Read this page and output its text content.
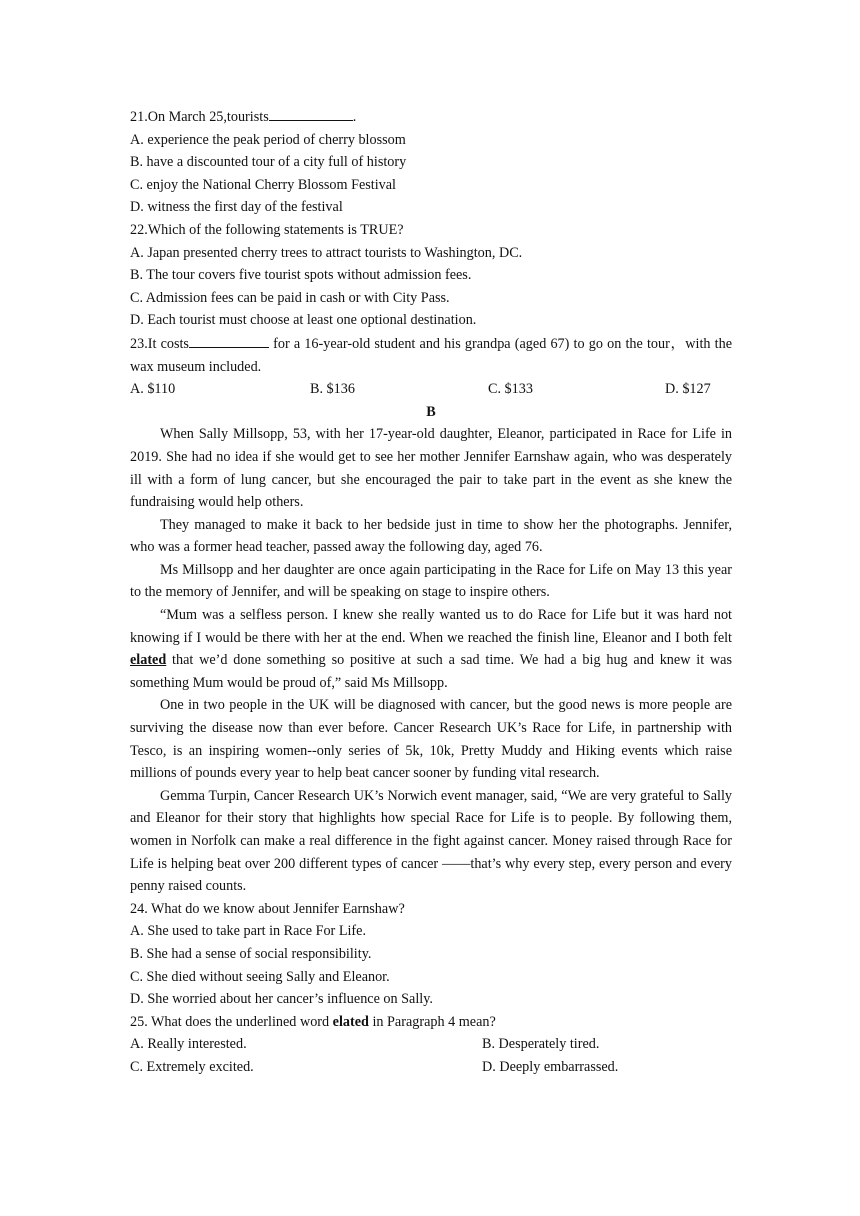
21.On March 25,tourists	.
A. experience the peak period of cherry blossom
B. have a discounted tour of a city full of history
C. enjoy the National Cherry Blossom Festival
D. witness the first day of the festival
22.Which of the following statements is TRUE?
A. Japan presented cherry trees to attract tourists to Washington, DC.
B. The tour covers five tourist spots without admission fees.
C. Admission fees can be paid in cash or with City Pass.
D. Each tourist must choose at least one optional destination.
23.It costs	for a 16-year-old student and his grandpa (aged 67) to go on the tour，with the wax museum included.
A. $110	B. $136	C. $133	D. $127
B

When Sally Millsopp, 53, with her 17-year-old daughter, Eleanor, participated in Race for Life in 2019. She had no idea if she would get to see her mother Jennifer Earnshaw again, who was desperately ill with a form of lung cancer, but she encouraged the pair to take part in the event as she knew the fundraising would help others.

They managed to make it back to her bedside just in time to show her the photographs. Jennifer, who was a former head teacher, passed away the following day, aged 76.

Ms Millsopp and her daughter are once again participating in the Race for Life on May 13 this year to the memory of Jennifer, and will be speaking on stage to inspire others.

“Mum was a selfless person. I knew she really wanted us to do Race for Life but it was hard not knowing if I would be there with her at the end. When we reached the finish line, Eleanor and I both felt elated that we’d done something so positive at such a sad time. We had a big hug and knew it was something Mum would be proud of,” said Ms Millsopp.

One in two people in the UK will be diagnosed with cancer, but the good news is more people are surviving the disease now than ever before. Cancer Research UK’s Race for Life, in partnership with Tesco, is an inspiring women--only series of 5k, 10k, Pretty Muddy and Hiking events which raise millions of pounds every year to help beat cancer sooner by funding vital research.

Gemma Turpin, Cancer Research UK’s Norwich event manager, said, “We are very grateful to Sally and Eleanor for their story that highlights how special Race for Life is to people. By following them, women in Norfolk can make a real difference in the fight against cancer. Money raised through Race for Life is helping beat over 200 different types of cancer ——that’s why every step, every person and every penny raised counts.

24. What do we know about Jennifer Earnshaw?
A. She used to take part in Race For Life.
B. She had a sense of social responsibility.
C. She died without seeing Sally and Eleanor.
D. She worried about her cancer’s influence on Sally.
25. What does the underlined word elated in Paragraph 4 mean?
A. Really interested.	B. Desperately tired.
C. Extremely excited.	D. Deeply embarrassed.
